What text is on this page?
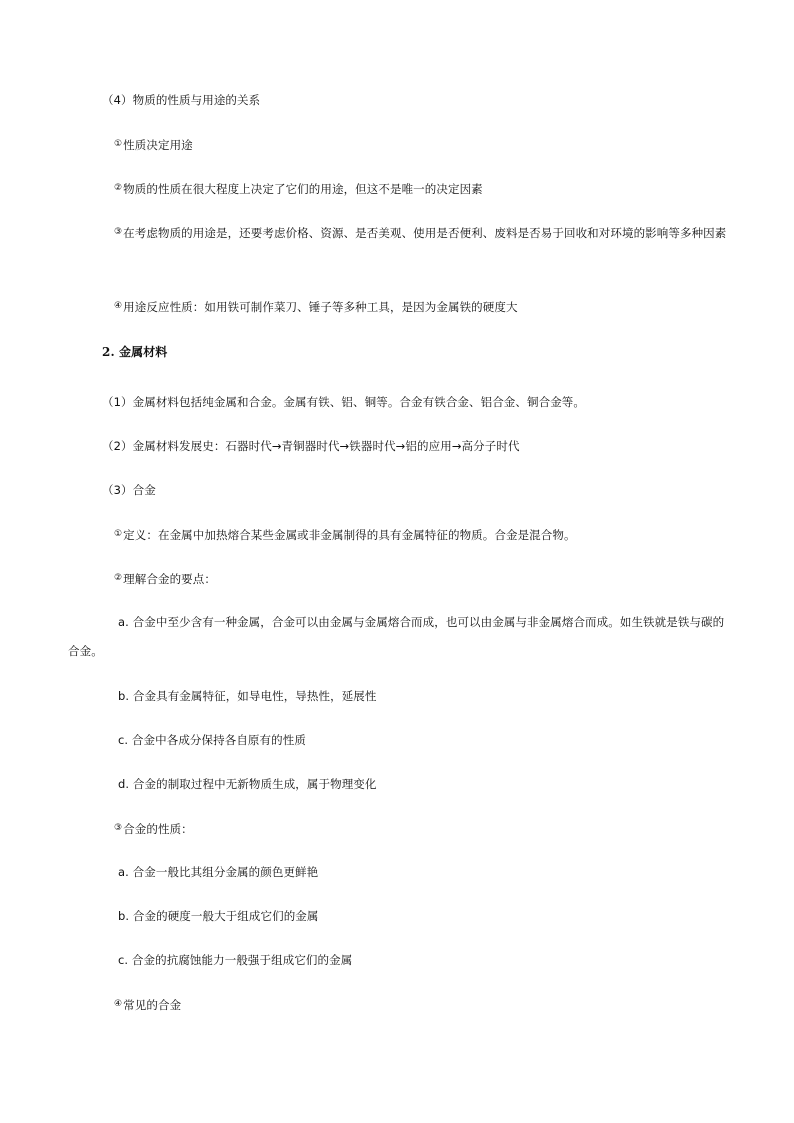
（4）物质的性质与用途的关系
①性质决定用途
②物质的性质在很大程度上决定了它们的用途，但这不是唯一的决定因素
③在考虑物质的用途是，还要考虑价格、资源、是否美观、使用是否便利、废料是否易于回收和对环境的影响等多种因素
④用途反应性质：如用铁可制作菜刀、锤子等多种工具，是因为金属铁的硬度大
2. 金属材料
（1）金属材料包括纯金属和合金。金属有铁、铝、铜等。合金有铁合金、铝合金、铜合金等。
（2）金属材料发展史：石器时代→青铜器时代→铁器时代→铝的应用→高分子时代
（3）合金
①定义：在金属中加热熔合某些金属或非金属制得的具有金属特征的物质。合金是混合物。
②理解合金的要点：
a. 合金中至少含有一种金属，合金可以由金属与金属熔合而成，也可以由金属与非金属熔合而成。如生铁就是铁与碳的合金。
b. 合金具有金属特征，如导电性，导热性，延展性
c. 合金中各成分保持各自原有的性质
d. 合金的制取过程中无新物质生成，属于物理变化
③合金的性质：
a. 合金一般比其组分金属的颜色更鲜艳
b. 合金的硬度一般大于组成它们的金属
c. 合金的抗腐蚀能力一般强于组成它们的金属
④常见的合金
